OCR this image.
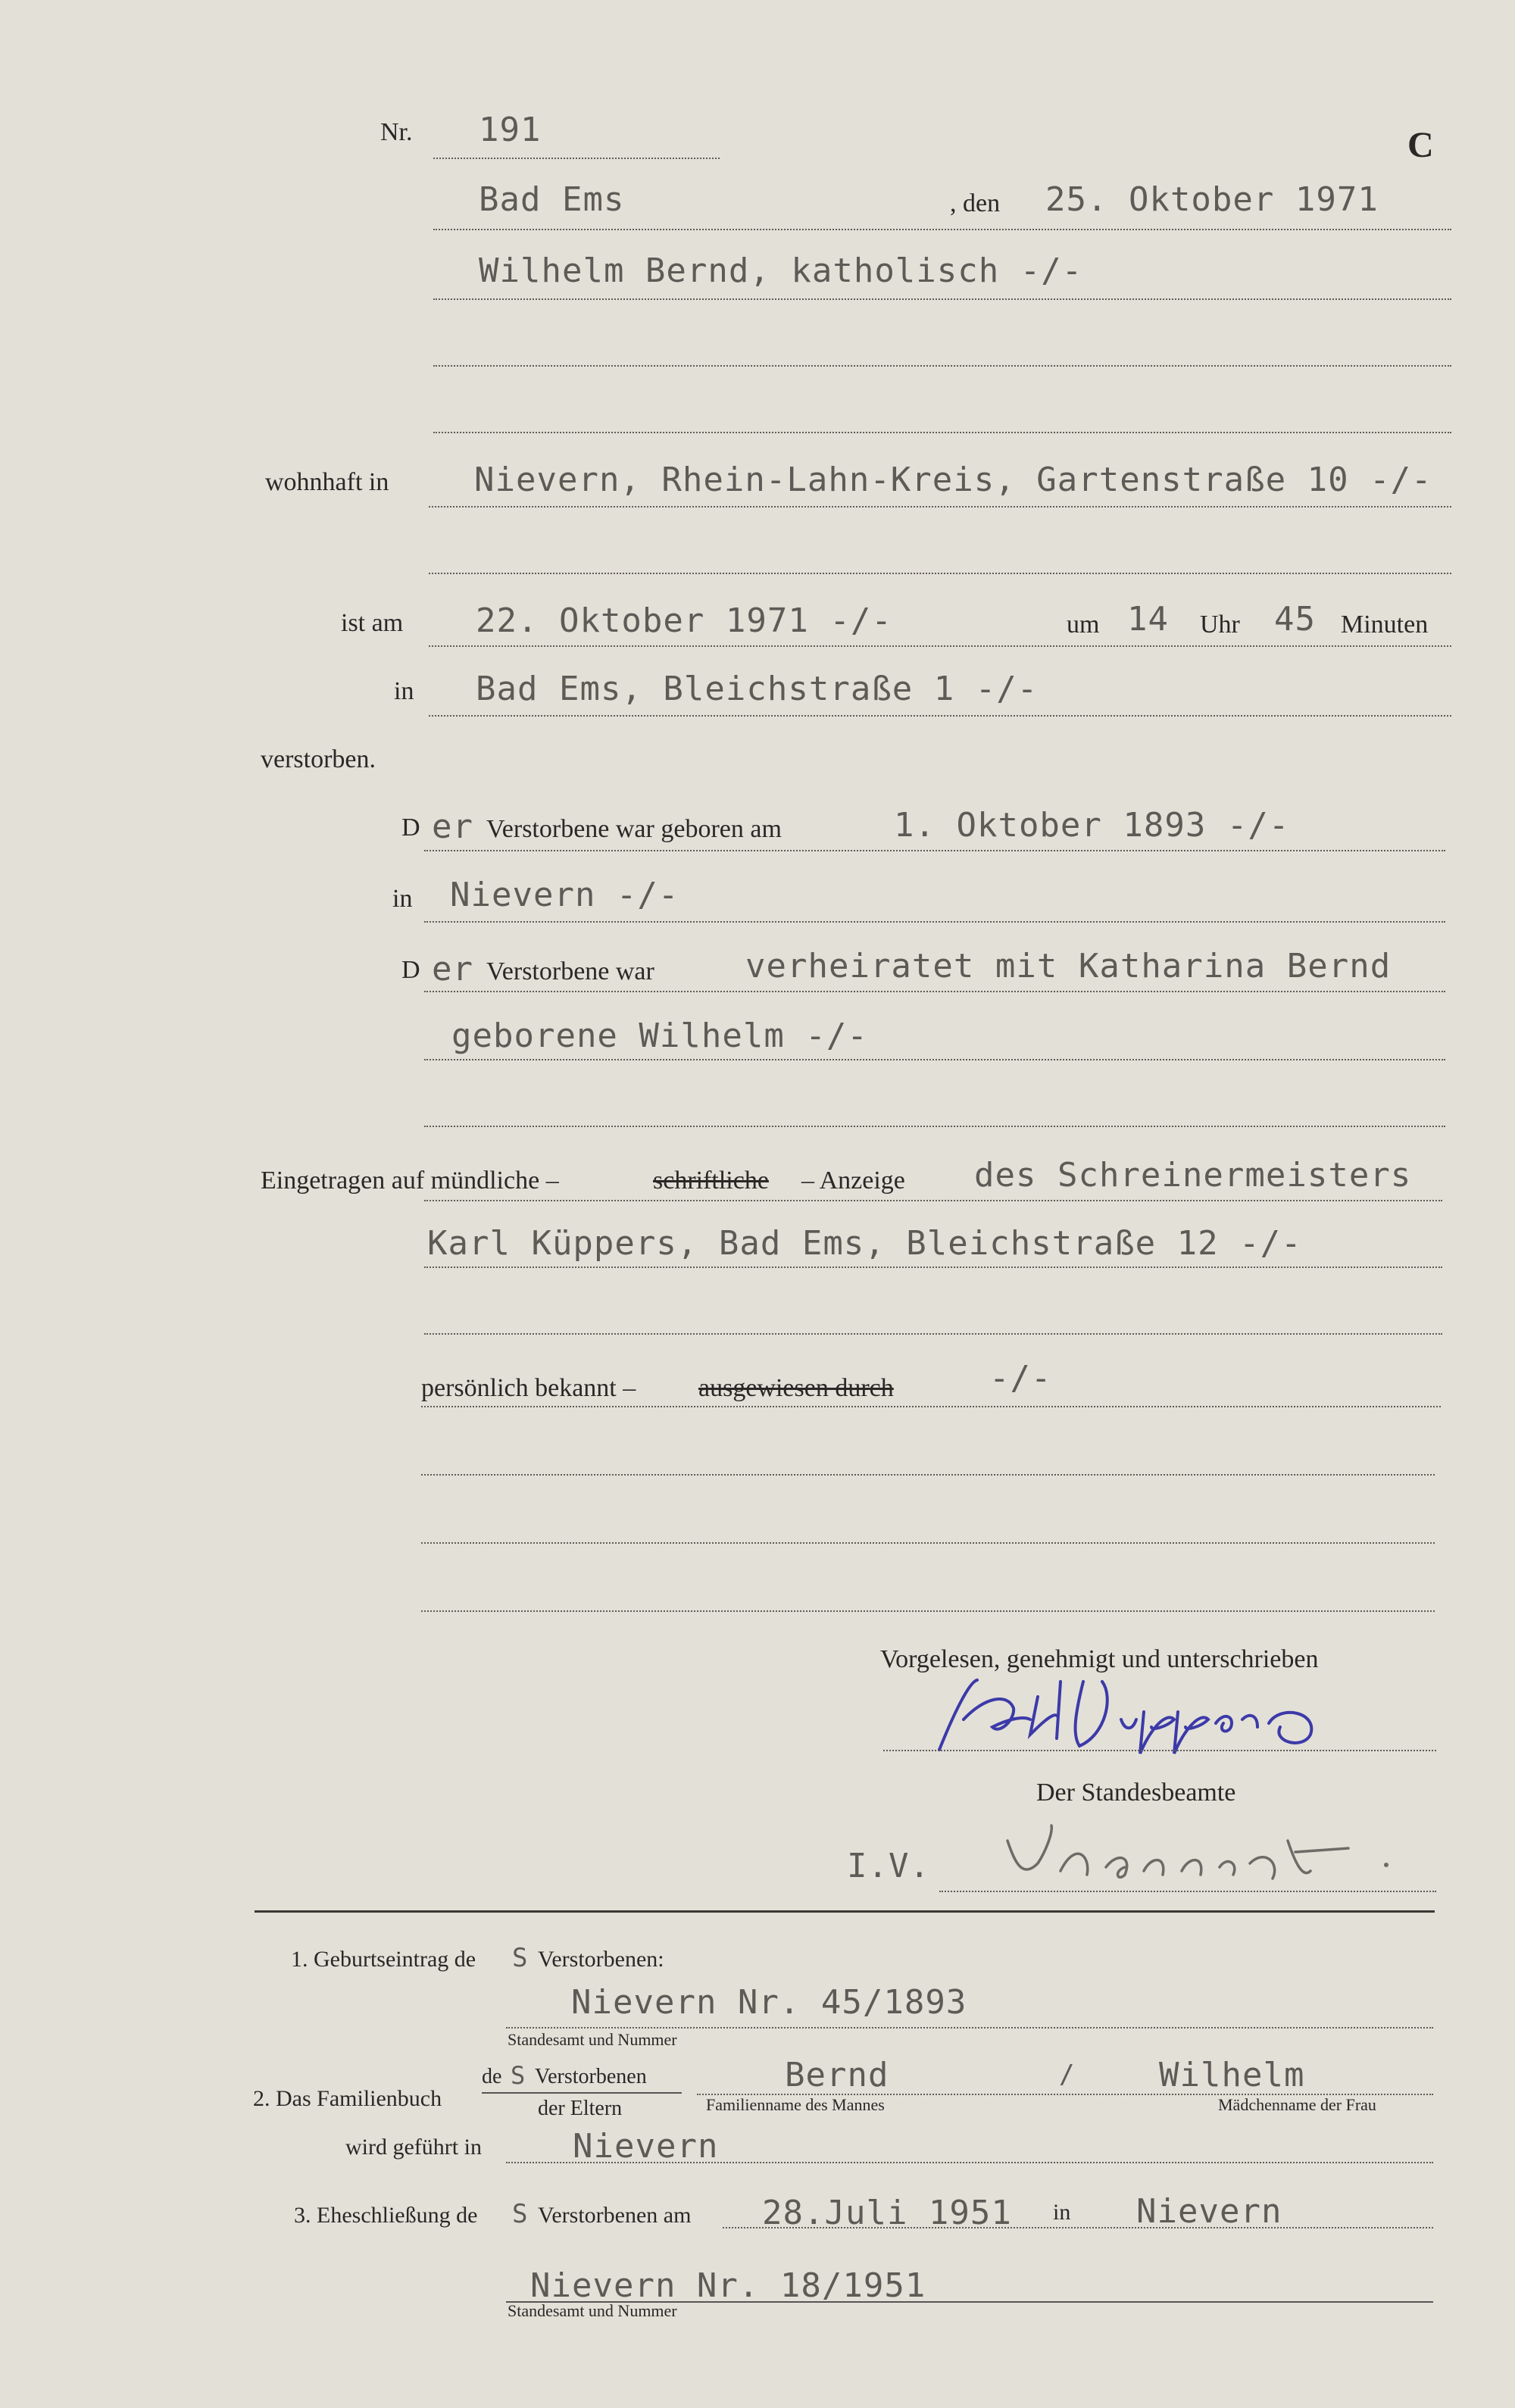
Nr. 191	C
Bad Ems	, den 25. Oktober 1971
Wilhelm Bernd, katholisch -/-
wohnhaft in	Nievern, Rhein-Lahn-Kreis, Gartenstraße 10 -/-
ist am 22. Oktober 1971 -/-	um 14 Uhr 45 Minuten
in Bad Ems, Bleichstraße 1 -/-
verstorben.
D er Verstorbene war geboren am	1. Oktober 1893 -/-
in Nievern -/-
D er Verstorbene war	verheiratet mit Katharina Bernd
geborene Wilhelm -/-
Eingetragen auf mündliche –	schriftliche – Anzeige des Schreinermeisters
Karl Küppers, Bad Ems, Bleichstraße 12 -/-
persönlich bekannt – ausgewiesen durch	-/-
Vorgelesen, genehmigt und unterschrieben
Der Standesbeamte
I.V.
1. Geburtseintrag de S Verstorbenen:
Nievern Nr. 45/1893
Standesamt und Nummer
de S Verstorbenen
2. Das Familienbuch	der Eltern
Bernd	/	Wilhelm
Familienname des Mannes	Mädchenname der Frau
wird geführt in	Nievern
3. Eheschließung de S Verstorbenen am 28.Juli 1951 in Nievern
Nievern Nr. 18/1951
Standesamt und Nummer
